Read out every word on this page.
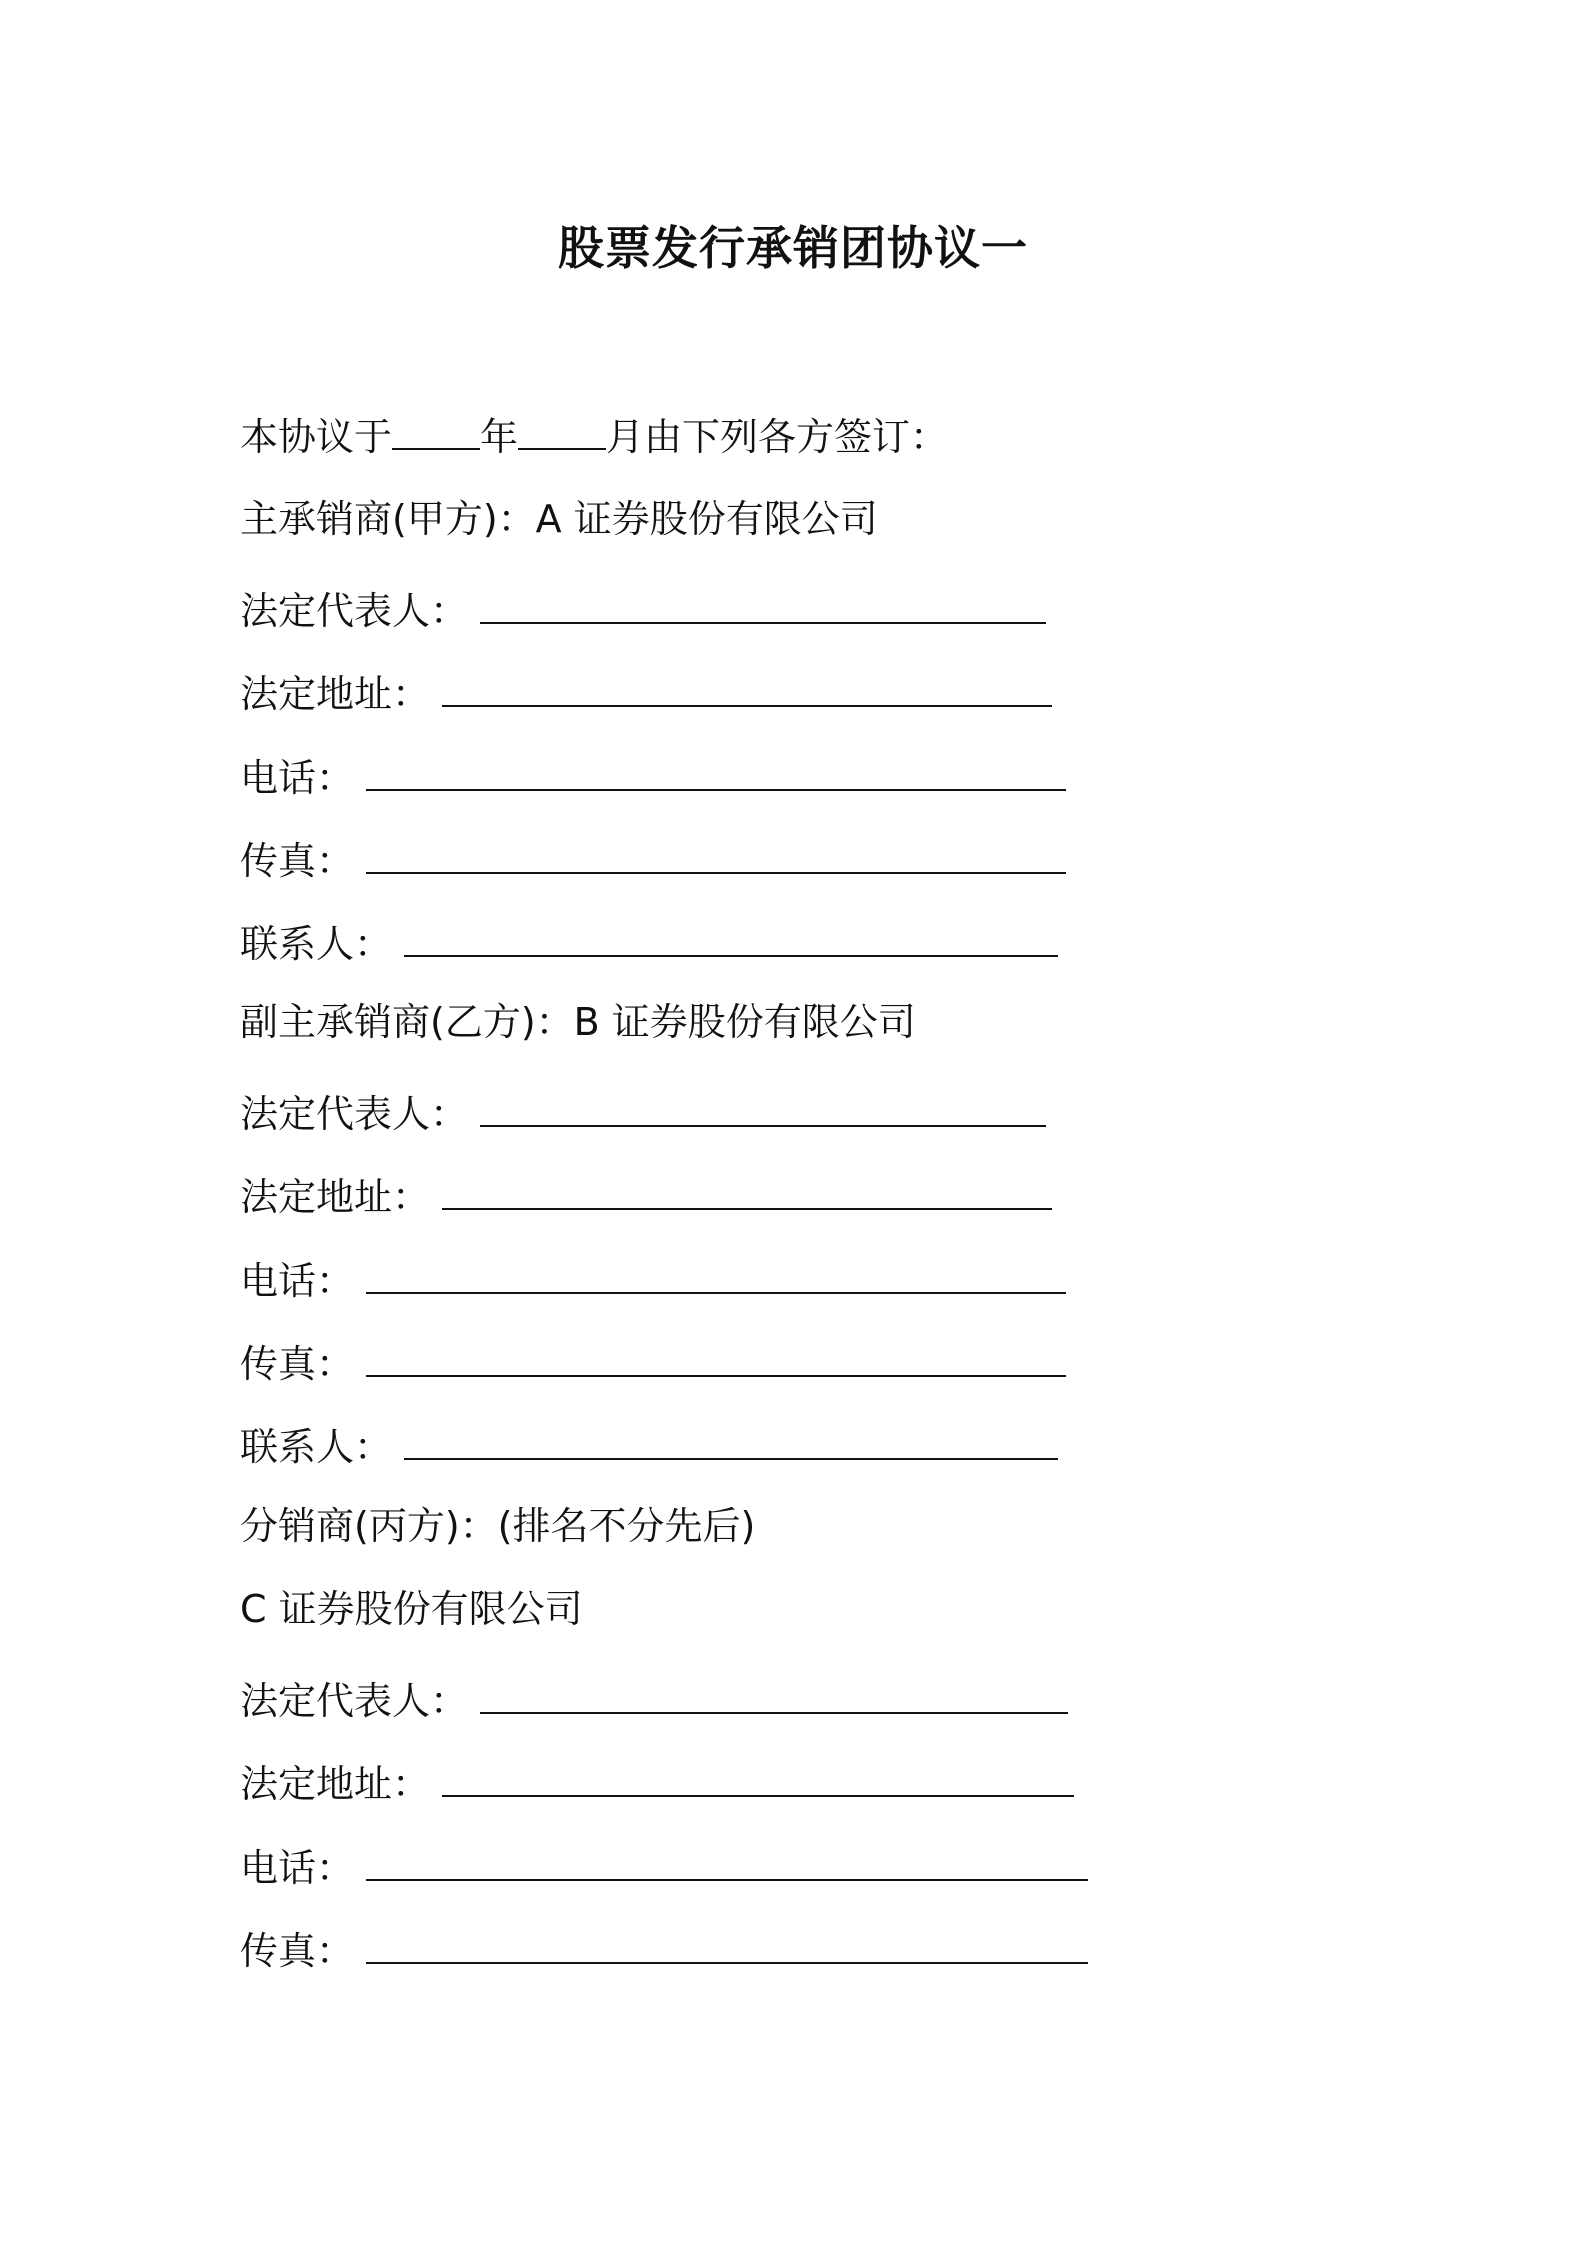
股票发行承销团协议一
本协议于 年 月由下列各方签订：
主承销商(甲方)：A 证券股份有限公司
法定代表人：
法定地址：
电话：
传真：
联系人：
副主承销商(乙方)：B 证券股份有限公司
法定代表人：
法定地址：
电话：
传真：
联系人：
分销商(丙方)：(排名不分先后)
C 证券股份有限公司
法定代表人：
法定地址：
电话：
传真：
